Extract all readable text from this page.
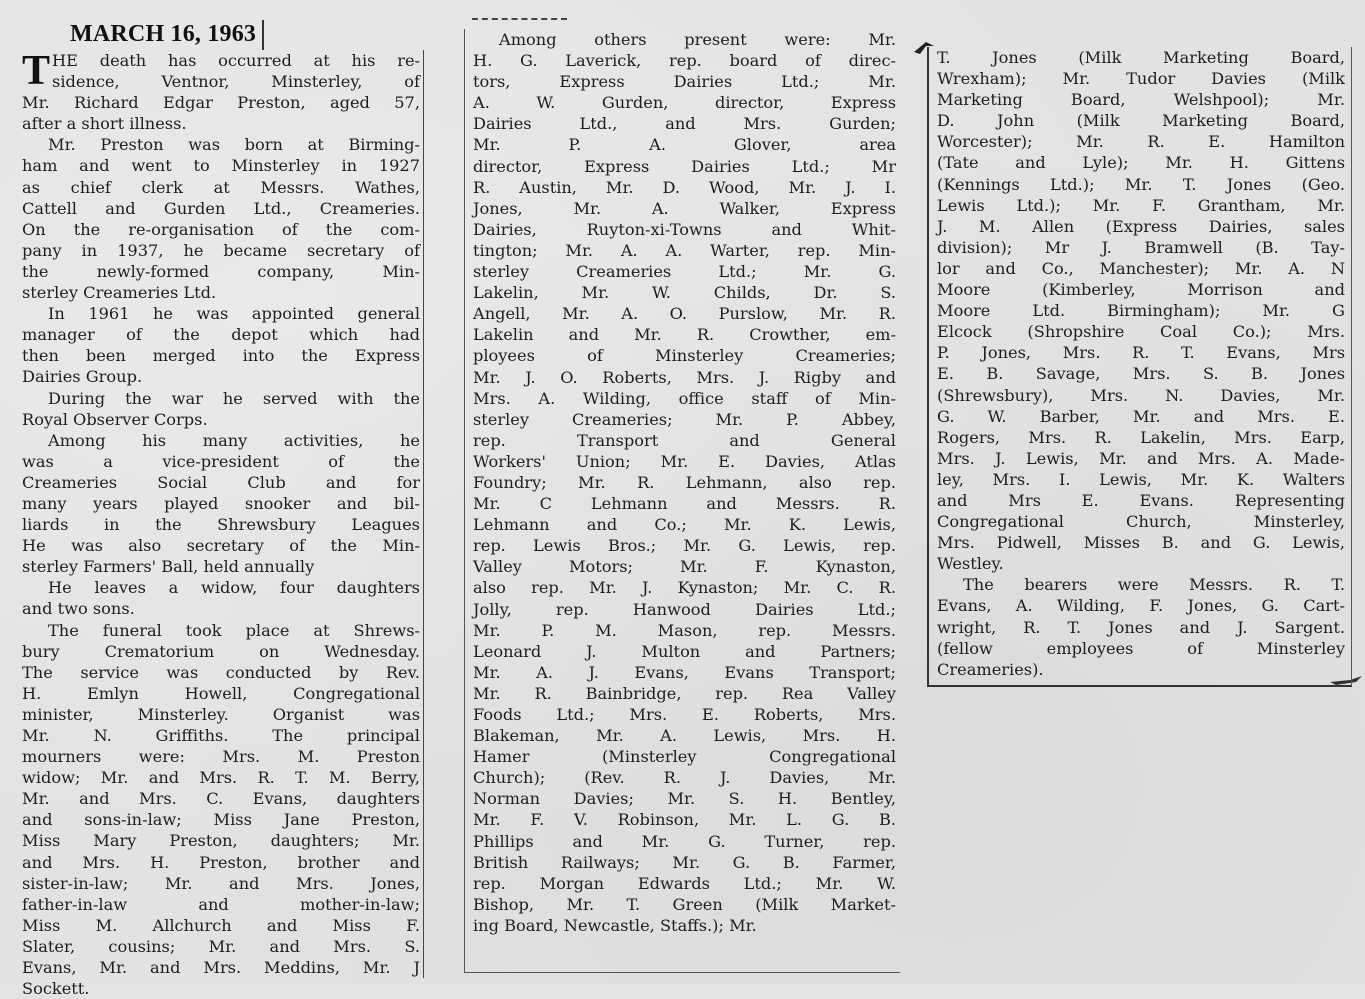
MARCH 16, 1963
T HE death has occurred at his re-
sidence, Ventnor, Minsterley, of
Mr. Richard Edgar Preston, aged 57,
after a short illness.
Mr. Preston was born at Birming-
ham and went to Minsterley in 1927
as chief clerk at Messrs. Wathes,
Cattell and Gurden Ltd., Creameries.
On the re-organisation of the com-
pany in 1937, he became secretary of
the newly-formed company, Min-
sterley Creameries Ltd.
In 1961 he was appointed general
manager of the depot which had
then been merged into the Express
Dairies Group.
During the war he served with the
Royal Observer Corps.
Among his many activities, he
was a vice-president of the
Creameries Social Club and for
many years played snooker and bil-
liards in the Shrewsbury Leagues
He was also secretary of the Min-
sterley Farmers' Ball, held annually
He leaves a widow, four daughters
and two sons.
The funeral took place at Shrews-
bury Crematorium on Wednesday.
The service was conducted by Rev.
H. Emlyn Howell, Congregational
minister, Minsterley. Organist was
Mr. N. Griffiths. The principal
mourners were: Mrs. M. Preston
widow; Mr. and Mrs. R. T. M. Berry,
Mr. and Mrs. C. Evans, daughters
and sons-in-law; Miss Jane Preston,
Miss Mary Preston, daughters; Mr.
and Mrs. H. Preston, brother and
sister-in-law; Mr. and Mrs. Jones,
father-in-law and mother-in-law;
Miss M. Allchurch and Miss F.
Slater, cousins; Mr. and Mrs. S.
Evans, Mr. and Mrs. Meddins, Mr. J
Sockett.
Among others present were: Mr.
H. G. Laverick, rep. board of direc-
tors, Express Dairies Ltd.; Mr.
A. W. Gurden, director, Express
Dairies Ltd., and Mrs. Gurden;
Mr. P. A. Glover, area
director, Express Dairies Ltd.; Mr
R. Austin, Mr. D. Wood, Mr. J. I.
Jones, Mr. A. Walker, Express
Dairies, Ruyton-xi-Towns and Whit-
tington; Mr. A. A. Warter, rep. Min-
sterley Creameries Ltd.; Mr. G.
Lakelin, Mr. W. Childs, Dr. S.
Angell, Mr. A. O. Purslow, Mr. R.
Lakelin and Mr. R. Crowther, em-
ployees of Minsterley Creameries;
Mr. J. O. Roberts, Mrs. J. Rigby and
Mrs. A. Wilding, office staff of Min-
sterley Creameries; Mr. P. Abbey,
rep. Transport and General
Workers' Union; Mr. E. Davies, Atlas
Foundry; Mr. R. Lehmann, also rep.
Mr. C Lehmann and Messrs. R.
Lehmann and Co.; Mr. K. Lewis,
rep. Lewis Bros.; Mr. G. Lewis, rep.
Valley Motors; Mr. F. Kynaston,
also rep. Mr. J. Kynaston; Mr. C. R.
Jolly, rep. Hanwood Dairies Ltd.;
Mr. P. M. Mason, rep. Messrs.
Leonard J. Multon and Partners;
Mr. A. J. Evans, Evans Transport;
Mr. R. Bainbridge, rep. Rea Valley
Foods Ltd.; Mrs. E. Roberts, Mrs.
Blakeman, Mr. A. Lewis, Mrs. H.
Hamer (Minsterley Congregational
Church); (Rev. R. J. Davies, Mr.
Norman Davies; Mr. S. H. Bentley,
Mr. F. V. Robinson, Mr. L. G. B.
Phillips and Mr. G. Turner, rep.
British Railways; Mr. G. B. Farmer,
rep. Morgan Edwards Ltd.; Mr. W.
Bishop, Mr. T. Green (Milk Market-
ing Board, Newcastle, Staffs.); Mr.
T. Jones (Milk Marketing Board,
Wrexham); Mr. Tudor Davies (Milk
Marketing Board, Welshpool); Mr.
D. John (Milk Marketing Board,
Worcester); Mr. R. E. Hamilton
(Tate and Lyle); Mr. H. Gittens
(Kennings Ltd.); Mr. T. Jones (Geo.
Lewis Ltd.); Mr. F. Grantham, Mr.
J. M. Allen (Express Dairies, sales
division); Mr J. Bramwell (B. Tay-
lor and Co., Manchester); Mr. A. N
Moore (Kimberley, Morrison and
Moore Ltd. Birmingham); Mr. G
Elcock (Shropshire Coal Co.); Mrs.
P. Jones, Mrs. R. T. Evans, Mrs
E. B. Savage, Mrs. S. B. Jones
(Shrewsbury), Mrs. N. Davies, Mr.
G. W. Barber, Mr. and Mrs. E.
Rogers, Mrs. R. Lakelin, Mrs. Earp,
Mrs. J. Lewis, Mr. and Mrs. A. Made-
ley, Mrs. I. Lewis, Mr. K. Walters
and Mrs E. Evans. Representing
Congregational Church, Minsterley,
Mrs. Pidwell, Misses B. and G. Lewis,
Westley.
The bearers were Messrs. R. T.
Evans, A. Wilding, F. Jones, G. Cart-
wright, R. T. Jones and J. Sargent.
(fellow employees of Minsterley
Creameries).
